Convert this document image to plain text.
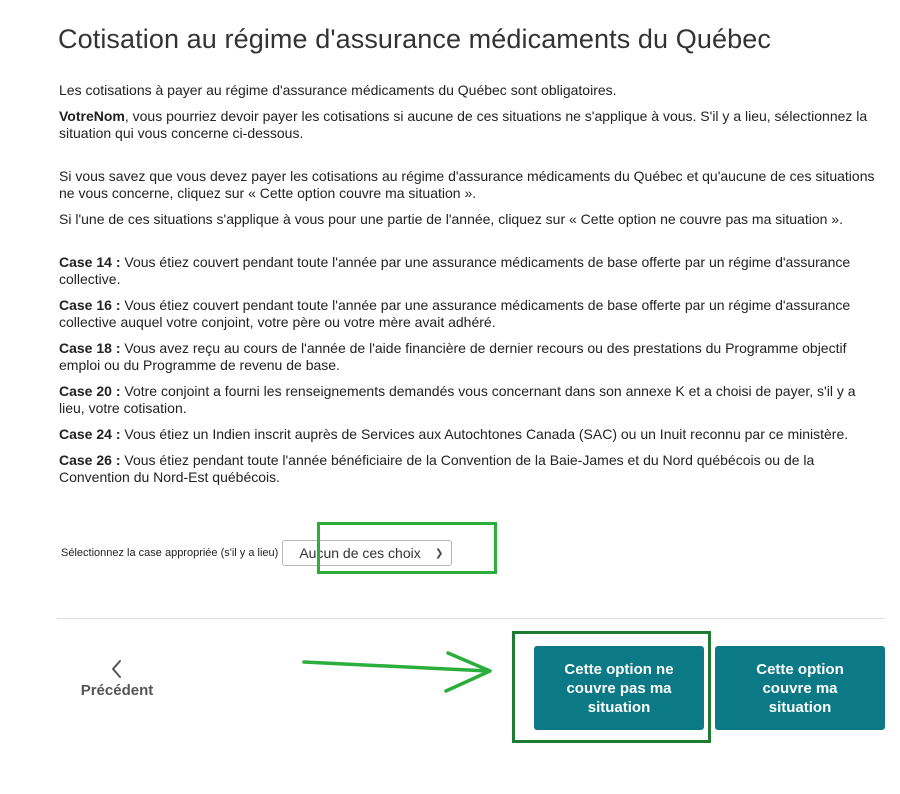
Cotisation au régime d'assurance médicaments du Québec

Les cotisations à payer au régime d'assurance médicaments du Québec sont obligatoires.

VotreNom, vous pourriez devoir payer les cotisations si aucune de ces situations ne s'applique à vous. S'il y a lieu, sélectionnez la situation qui vous concerne ci-dessous.

Si vous savez que vous devez payer les cotisations au régime d'assurance médicaments du Québec et qu'aucune de ces situations ne vous concerne, cliquez sur « Cette option couvre ma situation ».

Si l'une de ces situations s'applique à vous pour une partie de l'année, cliquez sur « Cette option ne couvre pas ma situation ».

Case 14 : Vous étiez couvert pendant toute l'année par une assurance médicaments de base offerte par un régime d'assurance collective.

Case 16 : Vous étiez couvert pendant toute l'année par une assurance médicaments de base offerte par un régime d'assurance collective auquel votre conjoint, votre père ou votre mère avait adhéré.

Case 18 : Vous avez reçu au cours de l'année de l'aide financière de dernier recours ou des prestations du Programme objectif emploi ou du Programme de revenu de base.

Case 20 : Votre conjoint a fourni les renseignements demandés vous concernant dans son annexe K et a choisi de payer, s'il y a lieu, votre cotisation.

Case 24 : Vous étiez un Indien inscrit auprès de Services aux Autochtones Canada (SAC) ou un Inuit reconnu par ce ministère.

Case 26 : Vous étiez pendant toute l'année bénéficiaire de la Convention de la Baie-James et du Nord québécois ou de la Convention du Nord-Est québécois.

Sélectionnez la case appropriée (s'il y a lieu) Aucun de ces choix ❯
Précédent
Cette option ne couvre pas ma situation
Cette option couvre ma situation
